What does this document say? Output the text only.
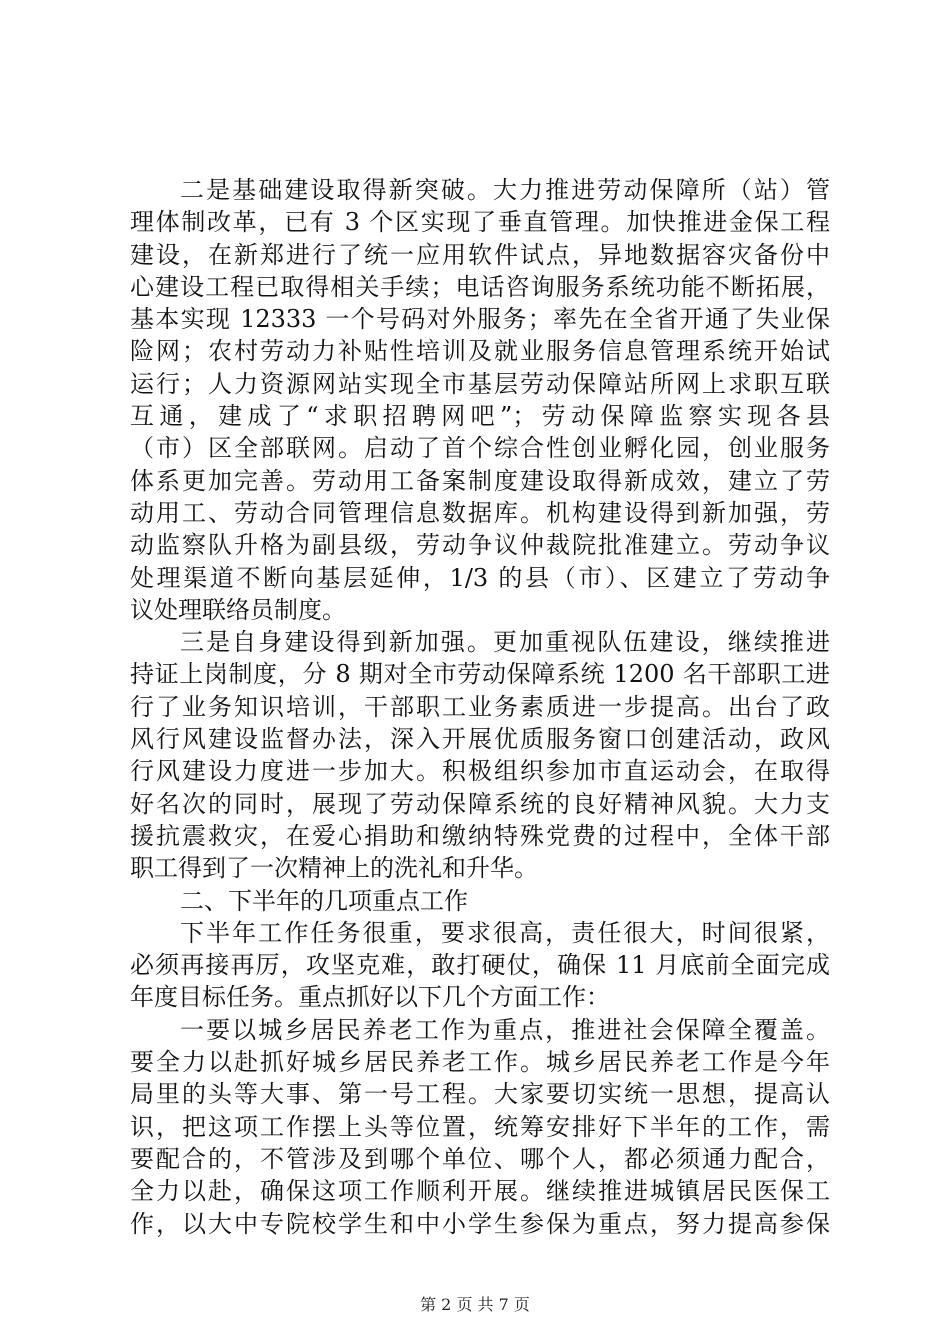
二是基础建设取得新突破。大力推进劳动保障所（站）管
理体制改革，已有 3 个区实现了垂直管理。加快推进金保工程
建设，在新郑进行了统一应用软件试点，异地数据容灾备份中
心建设工程已取得相关手续；电话咨询服务系统功能不断拓展，
基本实现 12333 一个号码对外服务；率先在全省开通了失业保
险网；农村劳动力补贴性培训及就业服务信息管理系统开始试
运行；人力资源网站实现全市基层劳动保障站所网上求职互联
互通，建成了“求职招聘网吧”；劳动保障监察实现各县
（市）区全部联网。启动了首个综合性创业孵化园，创业服务
体系更加完善。劳动用工备案制度建设取得新成效，建立了劳
动用工、劳动合同管理信息数据库。机构建设得到新加强，劳
动监察队升格为副县级，劳动争议仲裁院批准建立。劳动争议
处理渠道不断向基层延伸，1/3 的县（市）、区建立了劳动争
议处理联络员制度。
三是自身建设得到新加强。更加重视队伍建设，继续推进
持证上岗制度，分 8 期对全市劳动保障系统 1200 名干部职工进
行了业务知识培训，干部职工业务素质进一步提高。出台了政
风行风建设监督办法，深入开展优质服务窗口创建活动，政风
行风建设力度进一步加大。积极组织参加市直运动会，在取得
好名次的同时，展现了劳动保障系统的良好精神风貌。大力支
援抗震救灾，在爱心捐助和缴纳特殊党费的过程中，全体干部
职工得到了一次精神上的洗礼和升华。
二、下半年的几项重点工作
下半年工作任务很重，要求很高，责任很大，时间很紧，
必须再接再厉，攻坚克难，敢打硬仗，确保 11 月底前全面完成
年度目标任务。重点抓好以下几个方面工作：
一要以城乡居民养老工作为重点，推进社会保障全覆盖。
要全力以赴抓好城乡居民养老工作。城乡居民养老工作是今年
局里的头等大事、第一号工程。大家要切实统一思想，提高认
识，把这项工作摆上头等位置，统筹安排好下半年的工作，需
要配合的，不管涉及到哪个单位、哪个人，都必须通力配合，
全力以赴，确保这项工作顺利开展。继续推进城镇居民医保工
作，以大中专院校学生和中小学生参保为重点，努力提高参保
第 2 页 共 7 页
